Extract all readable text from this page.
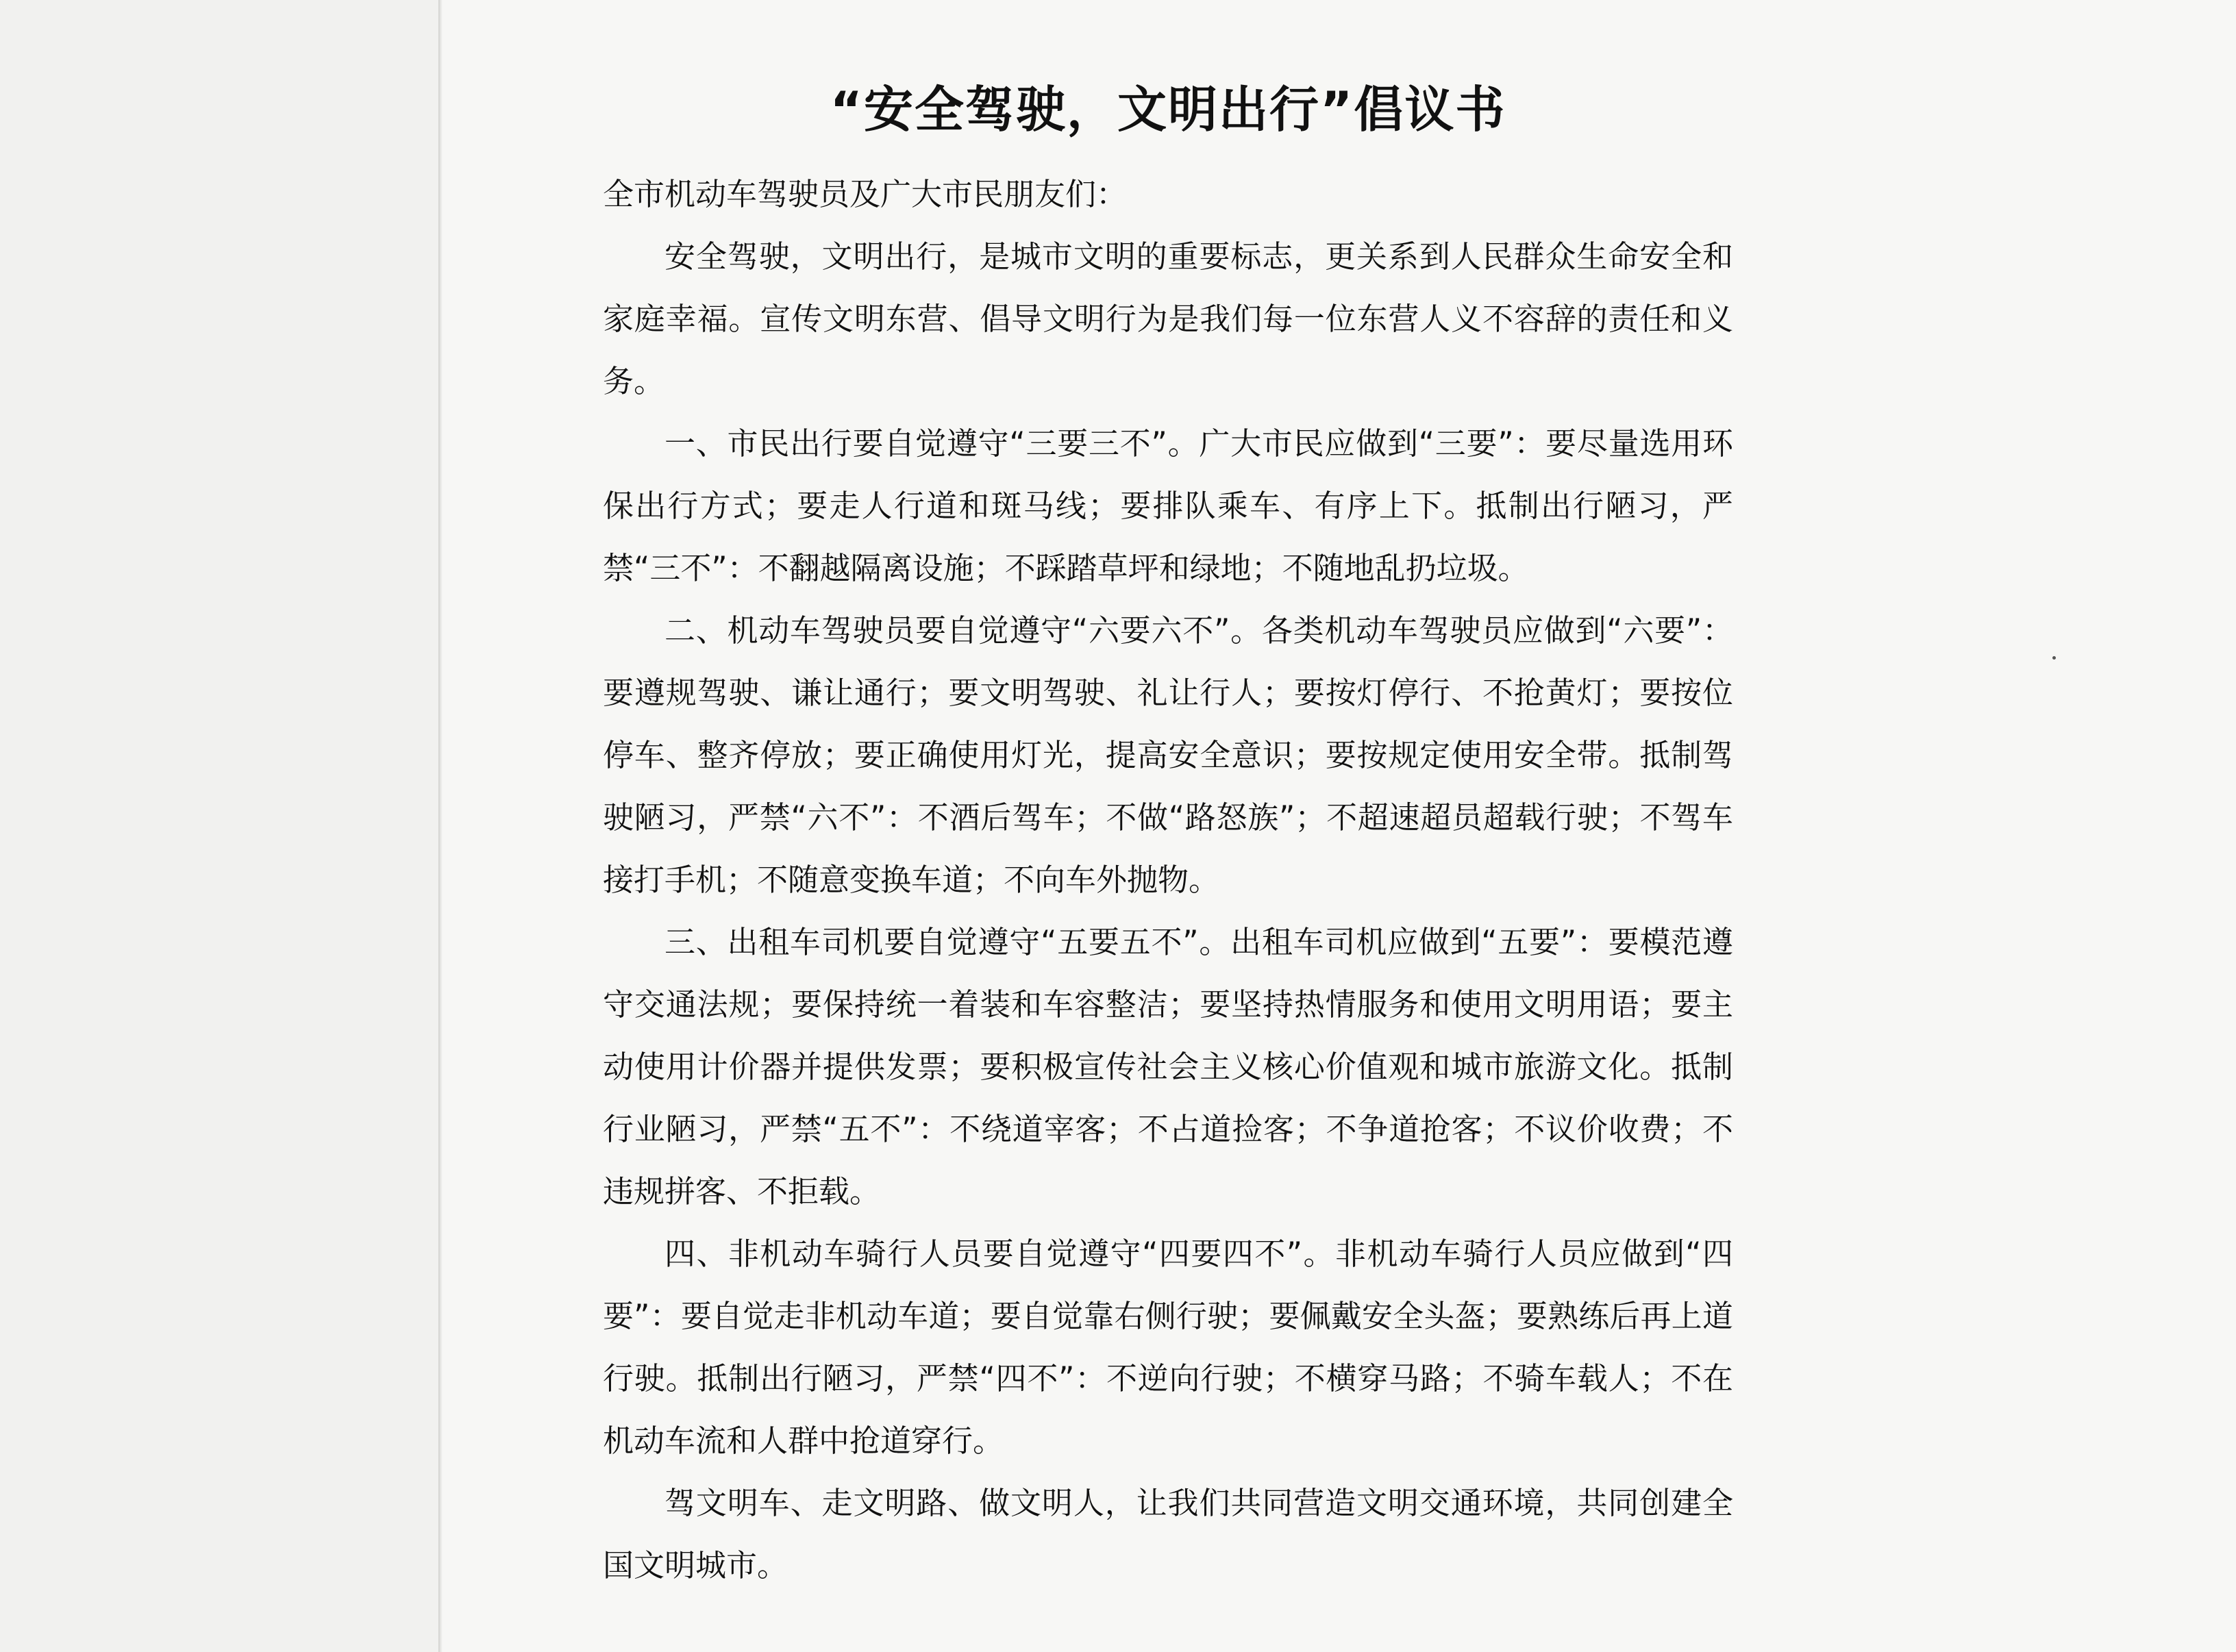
“安全驾驶，文明出行”倡议书

全市机动车驾驶员及广大市民朋友们：

安全驾驶，文明出行，是城市文明的重要标志，更关系到人民群众生命安全和家庭幸福。宣传文明东营、倡导文明行为是我们每一位东营人义不容辞的责任和义务。

一、市民出行要自觉遵守“三要三不”。广大市民应做到“三要”：要尽量选用环保出行方式；要走人行道和斑马线；要排队乘车、有序上下。抵制出行陋习，严禁“三不”：不翻越隔离设施；不踩踏草坪和绿地；不随地乱扔垃圾。

二、机动车驾驶员要自觉遵守“六要六不”。各类机动车驾驶员应做到“六要”：要遵规驾驶、谦让通行；要文明驾驶、礼让行人；要按灯停行、不抢黄灯；要按位停车、整齐停放；要正确使用灯光，提高安全意识；要按规定使用安全带。抵制驾驶陋习，严禁“六不”：不酒后驾车；不做“路怒族”；不超速超员超载行驶；不驾车接打手机；不随意变换车道；不向车外抛物。

三、出租车司机要自觉遵守“五要五不”。出租车司机应做到“五要”：要模范遵守交通法规；要保持统一着装和车容整洁；要坚持热情服务和使用文明用语；要主动使用计价器并提供发票；要积极宣传社会主义核心价值观和城市旅游文化。抵制行业陋习，严禁“五不”：不绕道宰客；不占道捡客；不争道抢客；不议价收费；不违规拼客、不拒载。

四、非机动车骑行人员要自觉遵守“四要四不”。非机动车骑行人员应做到“四要”：要自觉走非机动车道；要自觉靠右侧行驶；要佩戴安全头盔；要熟练后再上道行驶。抵制出行陋习，严禁“四不”：不逆向行驶；不横穿马路；不骑车载人；不在机动车流和人群中抢道穿行。

驾文明车、走文明路、做文明人，让我们共同营造文明交通环境，共同创建全国文明城市。
